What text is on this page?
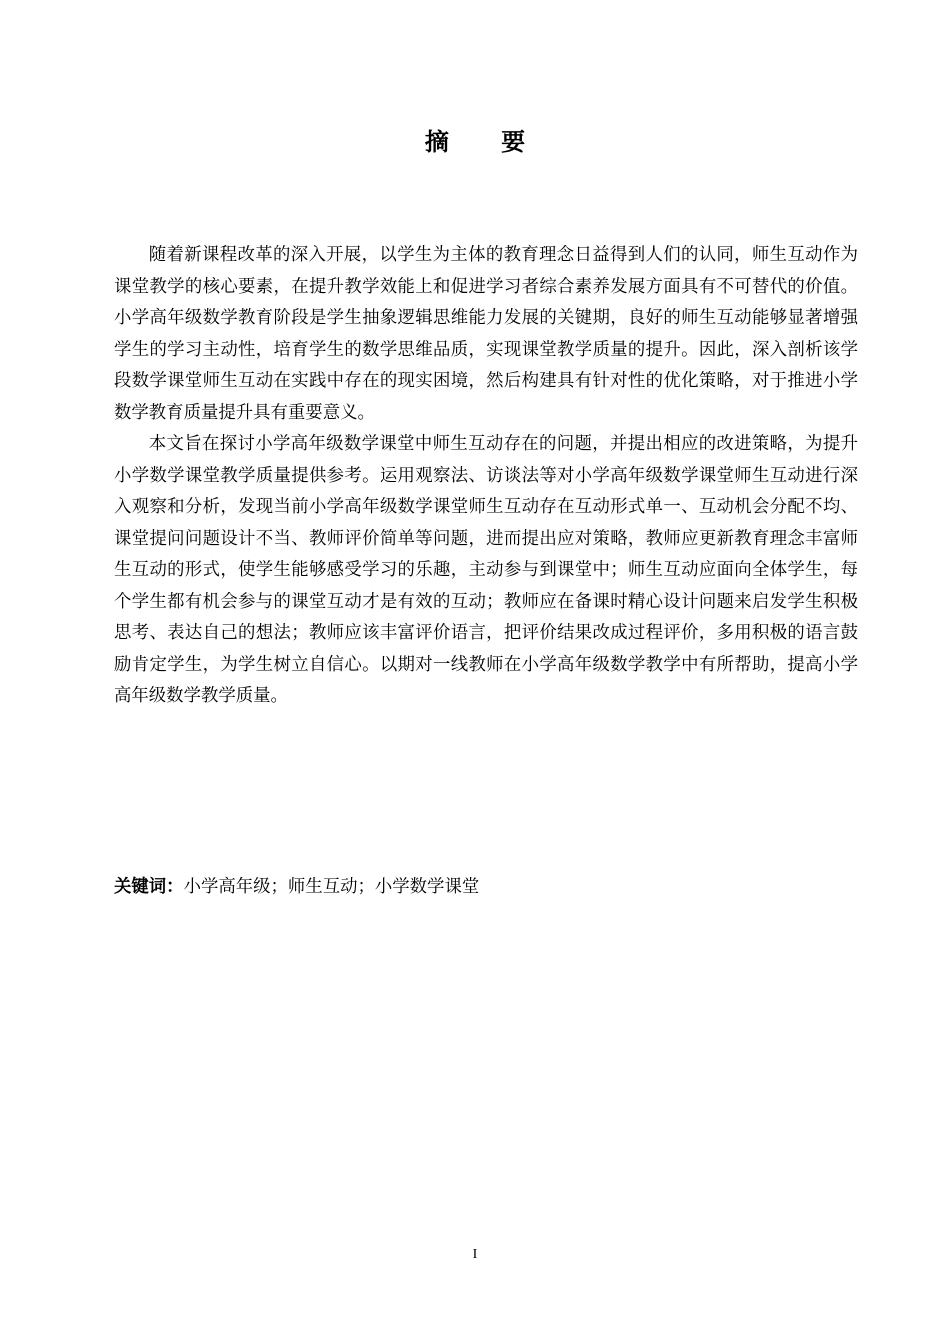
摘 要

随着新课程改革的深入开展，以学生为主体的教育理念日益得到人们的认同，师生互动作为课堂教学的核心要素，在提升教学效能上和促进学习者综合素养发展方面具有不可替代的价值。小学高年级数学教育阶段是学生抽象逻辑思维能力发展的关键期，良好的师生互动能够显著增强学生的学习主动性，培育学生的数学思维品质，实现课堂教学质量的提升。因此，深入剖析该学段数学课堂师生互动在实践中存在的现实困境，然后构建具有针对性的优化策略，对于推进小学数学教育质量提升具有重要意义。

本文旨在探讨小学高年级数学课堂中师生互动存在的问题，并提出相应的改进策略，为提升小学数学课堂教学质量提供参考。运用观察法、访谈法等对小学高年级数学课堂师生互动进行深入观察和分析，发现当前小学高年级数学课堂师生互动存在互动形式单一、互动机会分配不均、课堂提问问题设计不当、教师评价简单等问题，进而提出应对策略，教师应更新教育理念丰富师生互动的形式，使学生能够感受学习的乐趣，主动参与到课堂中；师生互动应面向全体学生，每个学生都有机会参与的课堂互动才是有效的互动；教师应在备课时精心设计问题来启发学生积极思考、表达自己的想法；教师应该丰富评价语言，把评价结果改成过程评价，多用积极的语言鼓励肯定学生，为学生树立自信心。以期对一线教师在小学高年级数学教学中有所帮助，提高小学高年级数学教学质量。

关键词：小学高年级；师生互动；小学数学课堂
I
